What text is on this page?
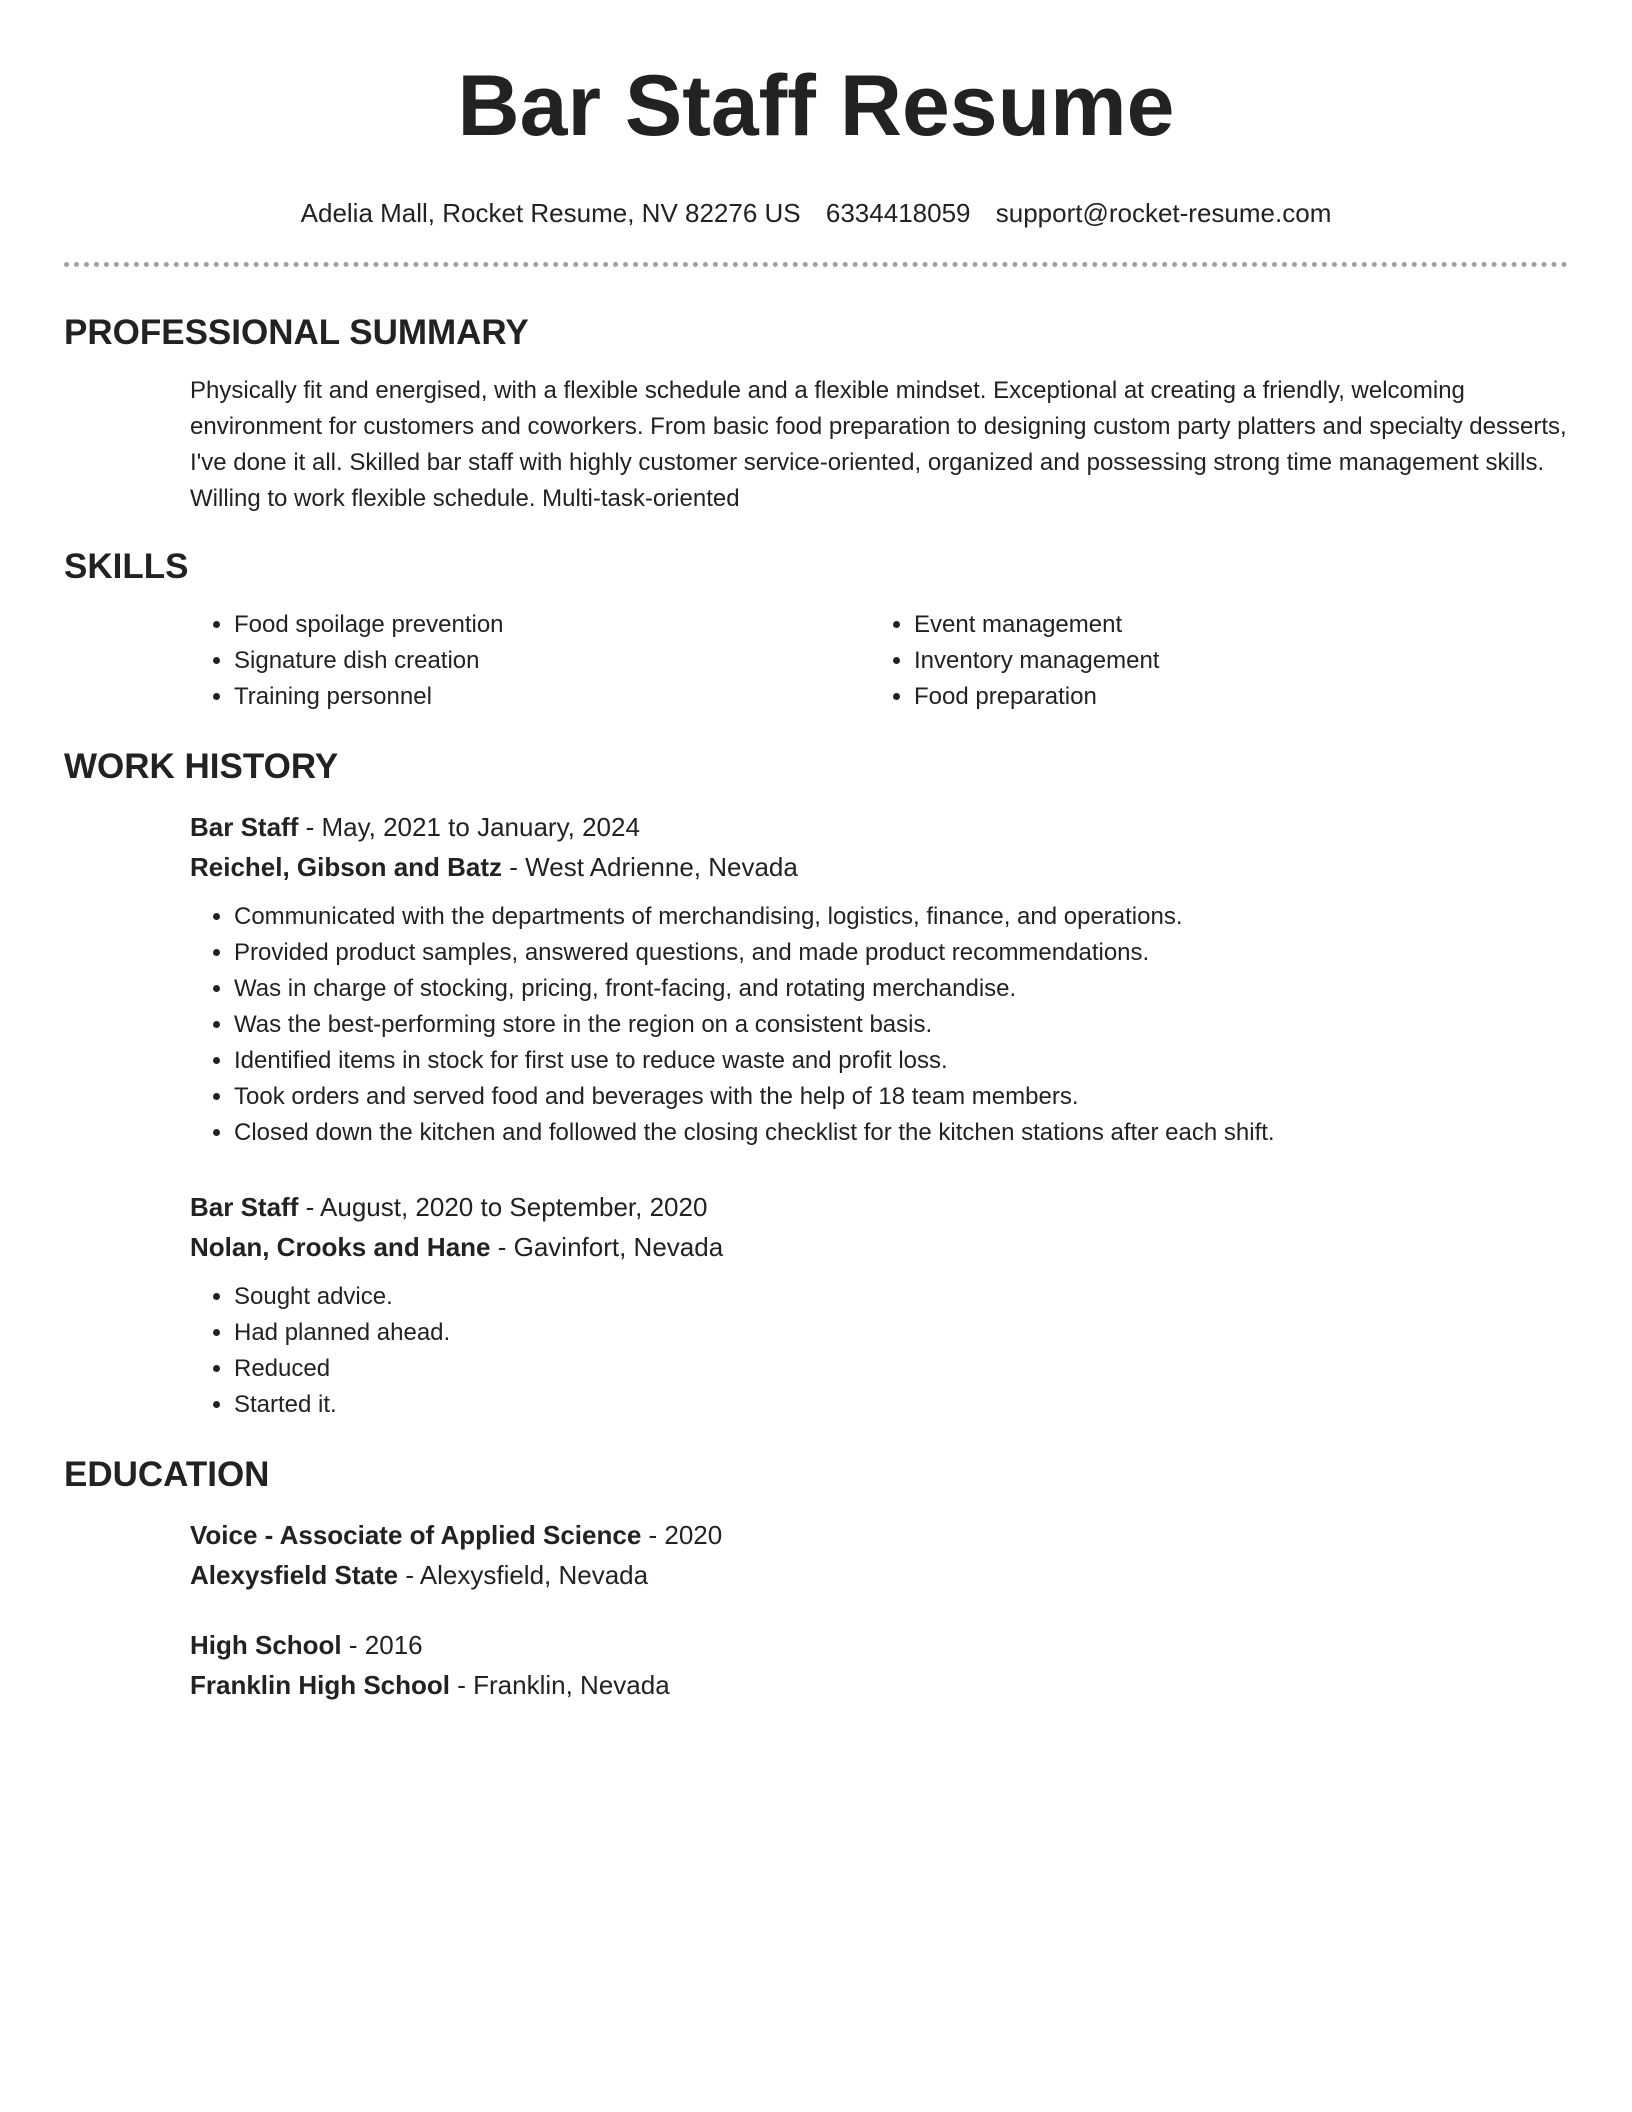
Bar Staff Resume
Adelia Mall, Rocket Resume, NV 82276 US 6334418059 support@rocket-resume.com
PROFESSIONAL SUMMARY
Physically fit and energised, with a flexible schedule and a flexible mindset. Exceptional at creating a friendly, welcoming environment for customers and coworkers. From basic food preparation to designing custom party platters and specialty desserts, I've done it all. Skilled bar staff with highly customer service-oriented, organized and possessing strong time management skills. Willing to work flexible schedule. Multi-task-oriented
SKILLS
• Food spoilage prevention
• Signature dish creation
• Training personnel
• Event management
• Inventory management
• Food preparation
WORK HISTORY
Bar Staff - May, 2021 to January, 2024
Reichel, Gibson and Batz - West Adrienne, Nevada
• Communicated with the departments of merchandising, logistics, finance, and operations.
• Provided product samples, answered questions, and made product recommendations.
• Was in charge of stocking, pricing, front-facing, and rotating merchandise.
• Was the best-performing store in the region on a consistent basis.
• Identified items in stock for first use to reduce waste and profit loss.
• Took orders and served food and beverages with the help of 18 team members.
• Closed down the kitchen and followed the closing checklist for the kitchen stations after each shift.
Bar Staff - August, 2020 to September, 2020
Nolan, Crooks and Hane - Gavinfort, Nevada
• Sought advice.
• Had planned ahead.
• Reduced
• Started it.
EDUCATION
Voice - Associate of Applied Science - 2020
Alexysfield State - Alexysfield, Nevada
High School - 2016
Franklin High School - Franklin, Nevada
